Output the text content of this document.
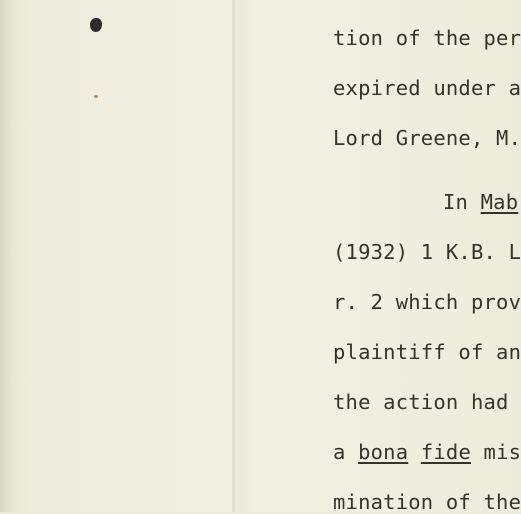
tion of the per
expired under a
Lord Greene, M.
In Mab
(1932) 1 K.B. L
r. 2 which prov
plaintiff of an
the action had
a bona fide mis
mination of the
